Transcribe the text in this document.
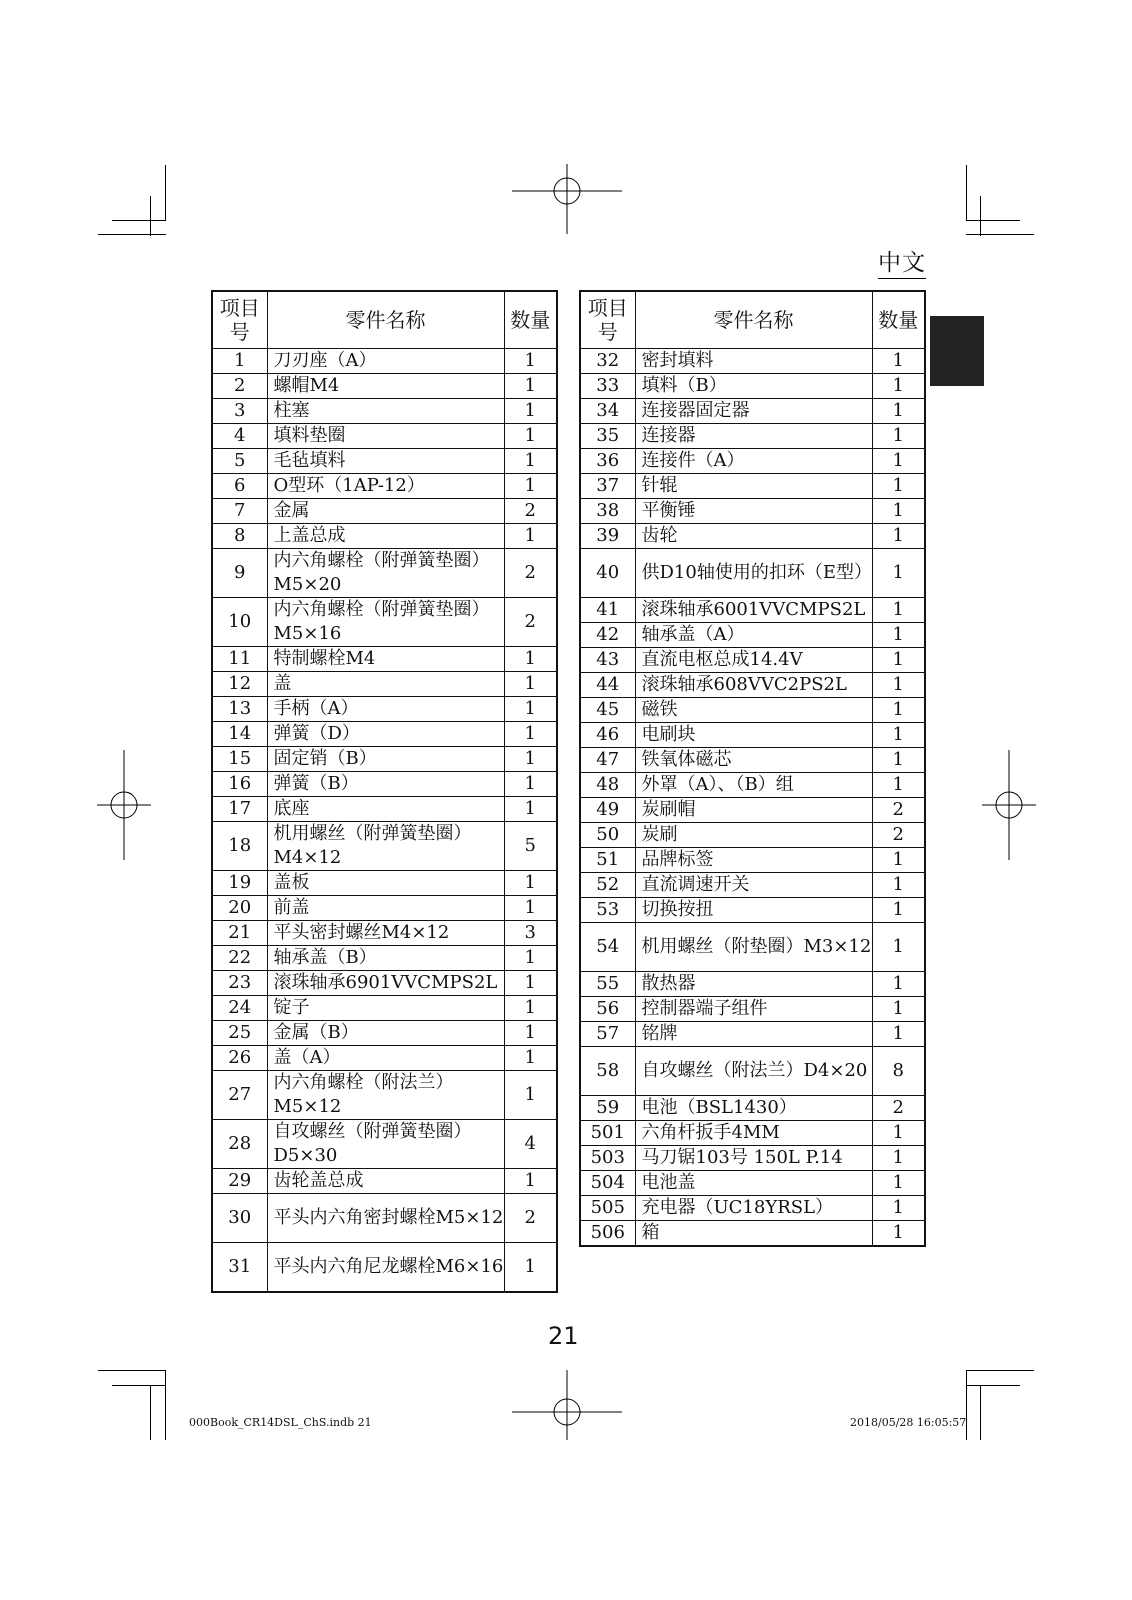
中文
项目
号	零件名称	数量
1	刀刃座（A）	1
2	螺帽M4	1
3	柱塞	1
4	填料垫圈	1
5	毛毡填料	1
6	O型环（1AP-12）	1
7	金属	2
8	上盖总成	1
9	内六角螺栓（附弹簧垫圈）M5×20	2
10	内六角螺栓（附弹簧垫圈）M5×16	2
11	特制螺栓M4	1
12	盖	1
13	手柄（A）	1
14	弹簧（D）	1
15	固定销（B）	1
16	弹簧（B）	1
17	底座	1
18	机用螺丝（附弹簧垫圈）M4×12	5
19	盖板	1
20	前盖	1
21	平头密封螺丝M4×12	3
22	轴承盖（B）	1
23	滚珠轴承6901VVCMPS2L	1
24	锭子	1
25	金属（B）	1
26	盖（A）	1
27	内六角螺栓（附法兰）M5×12	1
28	自攻螺丝（附弹簧垫圈）D5×30	4
29	齿轮盖总成	1
30	平头内六角密封螺栓M5×12	2
31	平头内六角尼龙螺栓M6×16	1
项目
号	零件名称	数量
32	密封填料	1
33	填料（B）	1
34	连接器固定器	1
35	连接器	1
36	连接件（A）	1
37	针辊	1
38	平衡锤	1
39	齿轮	1
40	供D10轴使用的扣环（E型）	1
41	滚珠轴承6001VVCMPS2L	1
42	轴承盖（A）	1
43	直流电枢总成14.4V	1
44	滚珠轴承608VVC2PS2L	1
45	磁铁	1
46	电刷块	1
47	铁氧体磁芯	1
48	外罩（A）、（B）组	1
49	炭刷帽	2
50	炭刷	2
51	品牌标签	1
52	直流调速开关	1
53	切换按扭	1
54	机用螺丝（附垫圈）M3×12	1
55	散热器	1
56	控制器端子组件	1
57	铭牌	1
58	自攻螺丝（附法兰）D4×20	8
59	电池（BSL1430）	2
501	六角杆扳手4MM	1
503	马刀锯103号 150L P.14	1
504	电池盖	1
505	充电器（UC18YRSL）	1
506	箱	1
21
000Book_CR14DSL_ChS.indb 21	2018/05/28 16:05:57
